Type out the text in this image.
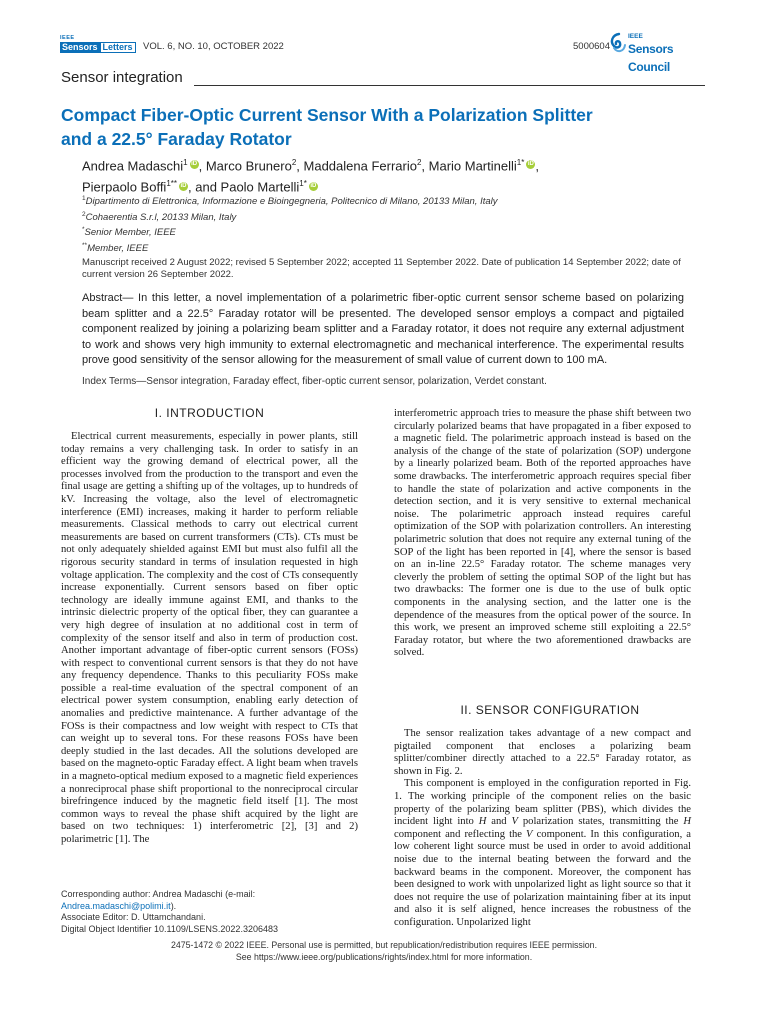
IEEE
Sensors Letters	VOL. 6, NO. 10, OCTOBER 2022	5000604
IEEE
Sensors Council
Sensor integration
Compact Fiber-Optic Current Sensor With a Polarization Splitter
and a 22.5° Faraday Rotator
Andrea Madaschi$^1$ iD , Marco Brunero$^2$, Maddalena Ferrario$^2$, Mario Martinelli$^{1*}$ iD ,
Pierpaolo Boffi$^{1**}$ iD , and Paolo Martelli$^{1*}$ iD
$^1$Dipartimento di Elettronica, Informazione e Bioingegneria, Politecnico di Milano, 20133 Milan, Italy
$^2$Cohaerentia S.r.l, 20133 Milan, Italy
*Senior Member, IEEE
**Member, IEEE
Manuscript received 2 August 2022; revised 5 September 2022; accepted 11 September 2022. Date of publication 14 September 2022; date of current version 26 September 2022.
Abstract— In this letter, a novel implementation of a polarimetric fiber-optic current sensor scheme based on polarizing beam splitter and a 22.5° Faraday rotator will be presented. The developed sensor employs a compact and pigtailed component realized by joining a polarizing beam splitter and a Faraday rotator, it does not require any external adjustment to work and shows very high immunity to external electromagnetic and mechanical interference. The experimental results prove good sensitivity of the sensor allowing for the measurement of small value of current down to 100 mA.
Index Terms—Sensor integration, Faraday effect, fiber-optic current sensor, polarization, Verdet constant.
I. INTRODUCTION

Electrical current measurements, especially in power plants, still today remains a very challenging task. In order to satisfy in an efficient way the growing demand of electrical power, all the processes involved from the production to the transport and even the final usage are getting a shifting up of the voltages, up to hundreds of kV. Increasing the voltage, also the level of electromagnetic interference (EMI) increases, making it harder to perform reliable measurements. Classical methods to carry out electrical current measurements are based on current transformers (CTs). CTs must be not only adequately shielded against EMI but must also fulfil all the rigorous security standard in terms of insulation requested in high voltage application. The complexity and the cost of CTs consequently increase exponentially. Current sensors based on fiber optic technology are ideally immune against EMI, and thanks to the intrinsic dielectric property of the optical fiber, they can guarantee a very high degree of insulation at no additional cost in term of complexity of the sensor itself and also in term of production cost. Another important advantage of fiber-optic current sensors (FOSs) with respect to conventional current sensors is that they do not have any frequency dependence. Thanks to this peculiarity FOSs make possible a real-time evaluation of the spectral component of an electrical power system consumption, enabling early detection of anomalies and predictive maintenance. A further advantage of the FOSs is their compactness and low weight with respect to CTs that can weight up to several tons. For these reasons FOSs have been deeply studied in the last decades. All the solutions developed are based on the magneto-optic Faraday effect. A light beam when travels in a magneto-optical medium exposed to a magnetic field experiences a nonreciprocal phase shift proportional to the nonreciprocal circular birefringence induced by the magnetic field itself [1]. The most common ways to reveal the phase shift acquired by the light are based on two techniques: 1) interferometric [2], [3] and 2) polarimetric [1]. The

interferometric approach tries to measure the phase shift between two circularly polarized beams that have propagated in a fiber exposed to a magnetic field. The polarimetric approach instead is based on the analysis of the change of the state of polarization (SOP) undergone by a linearly polarized beam. Both of the reported approaches have some drawbacks. The interferometric approach requires special fiber to handle the state of polarization and active components in the detection section, and it is very sensitive to external mechanical noise. The polarimetric approach instead requires careful optimization of the SOP with polarization controllers. An interesting polarimetric solution that does not require any external tuning of the SOP of the light has been reported in [4], where the sensor is based on an in-line 22.5° Faraday rotator. The scheme manages very cleverly the problem of setting the optimal SOP of the light but has two drawbacks: The former one is due to the use of bulk optic components in the analysing section, and the latter one is the dependence of the measures from the optical power of the source. In this work, we present an improved scheme still exploiting a 22.5° Faraday rotator, but where the two aforementioned drawbacks are solved.

II. SENSOR CONFIGURATION

The sensor realization takes advantage of a new compact and pigtailed component that encloses a polarizing beam splitter/combiner directly attached to a 22.5° Faraday rotator, as shown in Fig. 2.

This component is employed in the configuration reported in Fig. 1. The working principle of the component relies on the basic property of the polarizing beam splitter (PBS), which divides the incident light into H and V polarization states, transmitting the H component and reflecting the V component. In this configuration, a low coherent light source must be used in order to avoid additional noise due to the internal beating between the forward and the backward beams in the component. Moreover, the component has been designed to work with unpolarized light as light source so that it does not require the use of polarization maintaining fiber at its input and also it is self aligned, hence increases the robustness of the configuration. Unpolarized light

Corresponding author: Andrea Madaschi (e-mail: Andrea.madaschi@polimi.it).
Associate Editor: D. Uttamchandani.
Digital Object Identifier 10.1109/LSENS.2022.3206483
2475-1472 © 2022 IEEE. Personal use is permitted, but republication/redistribution requires IEEE permission.
See https://www.ieee.org/publications/rights/index.html for more information.
